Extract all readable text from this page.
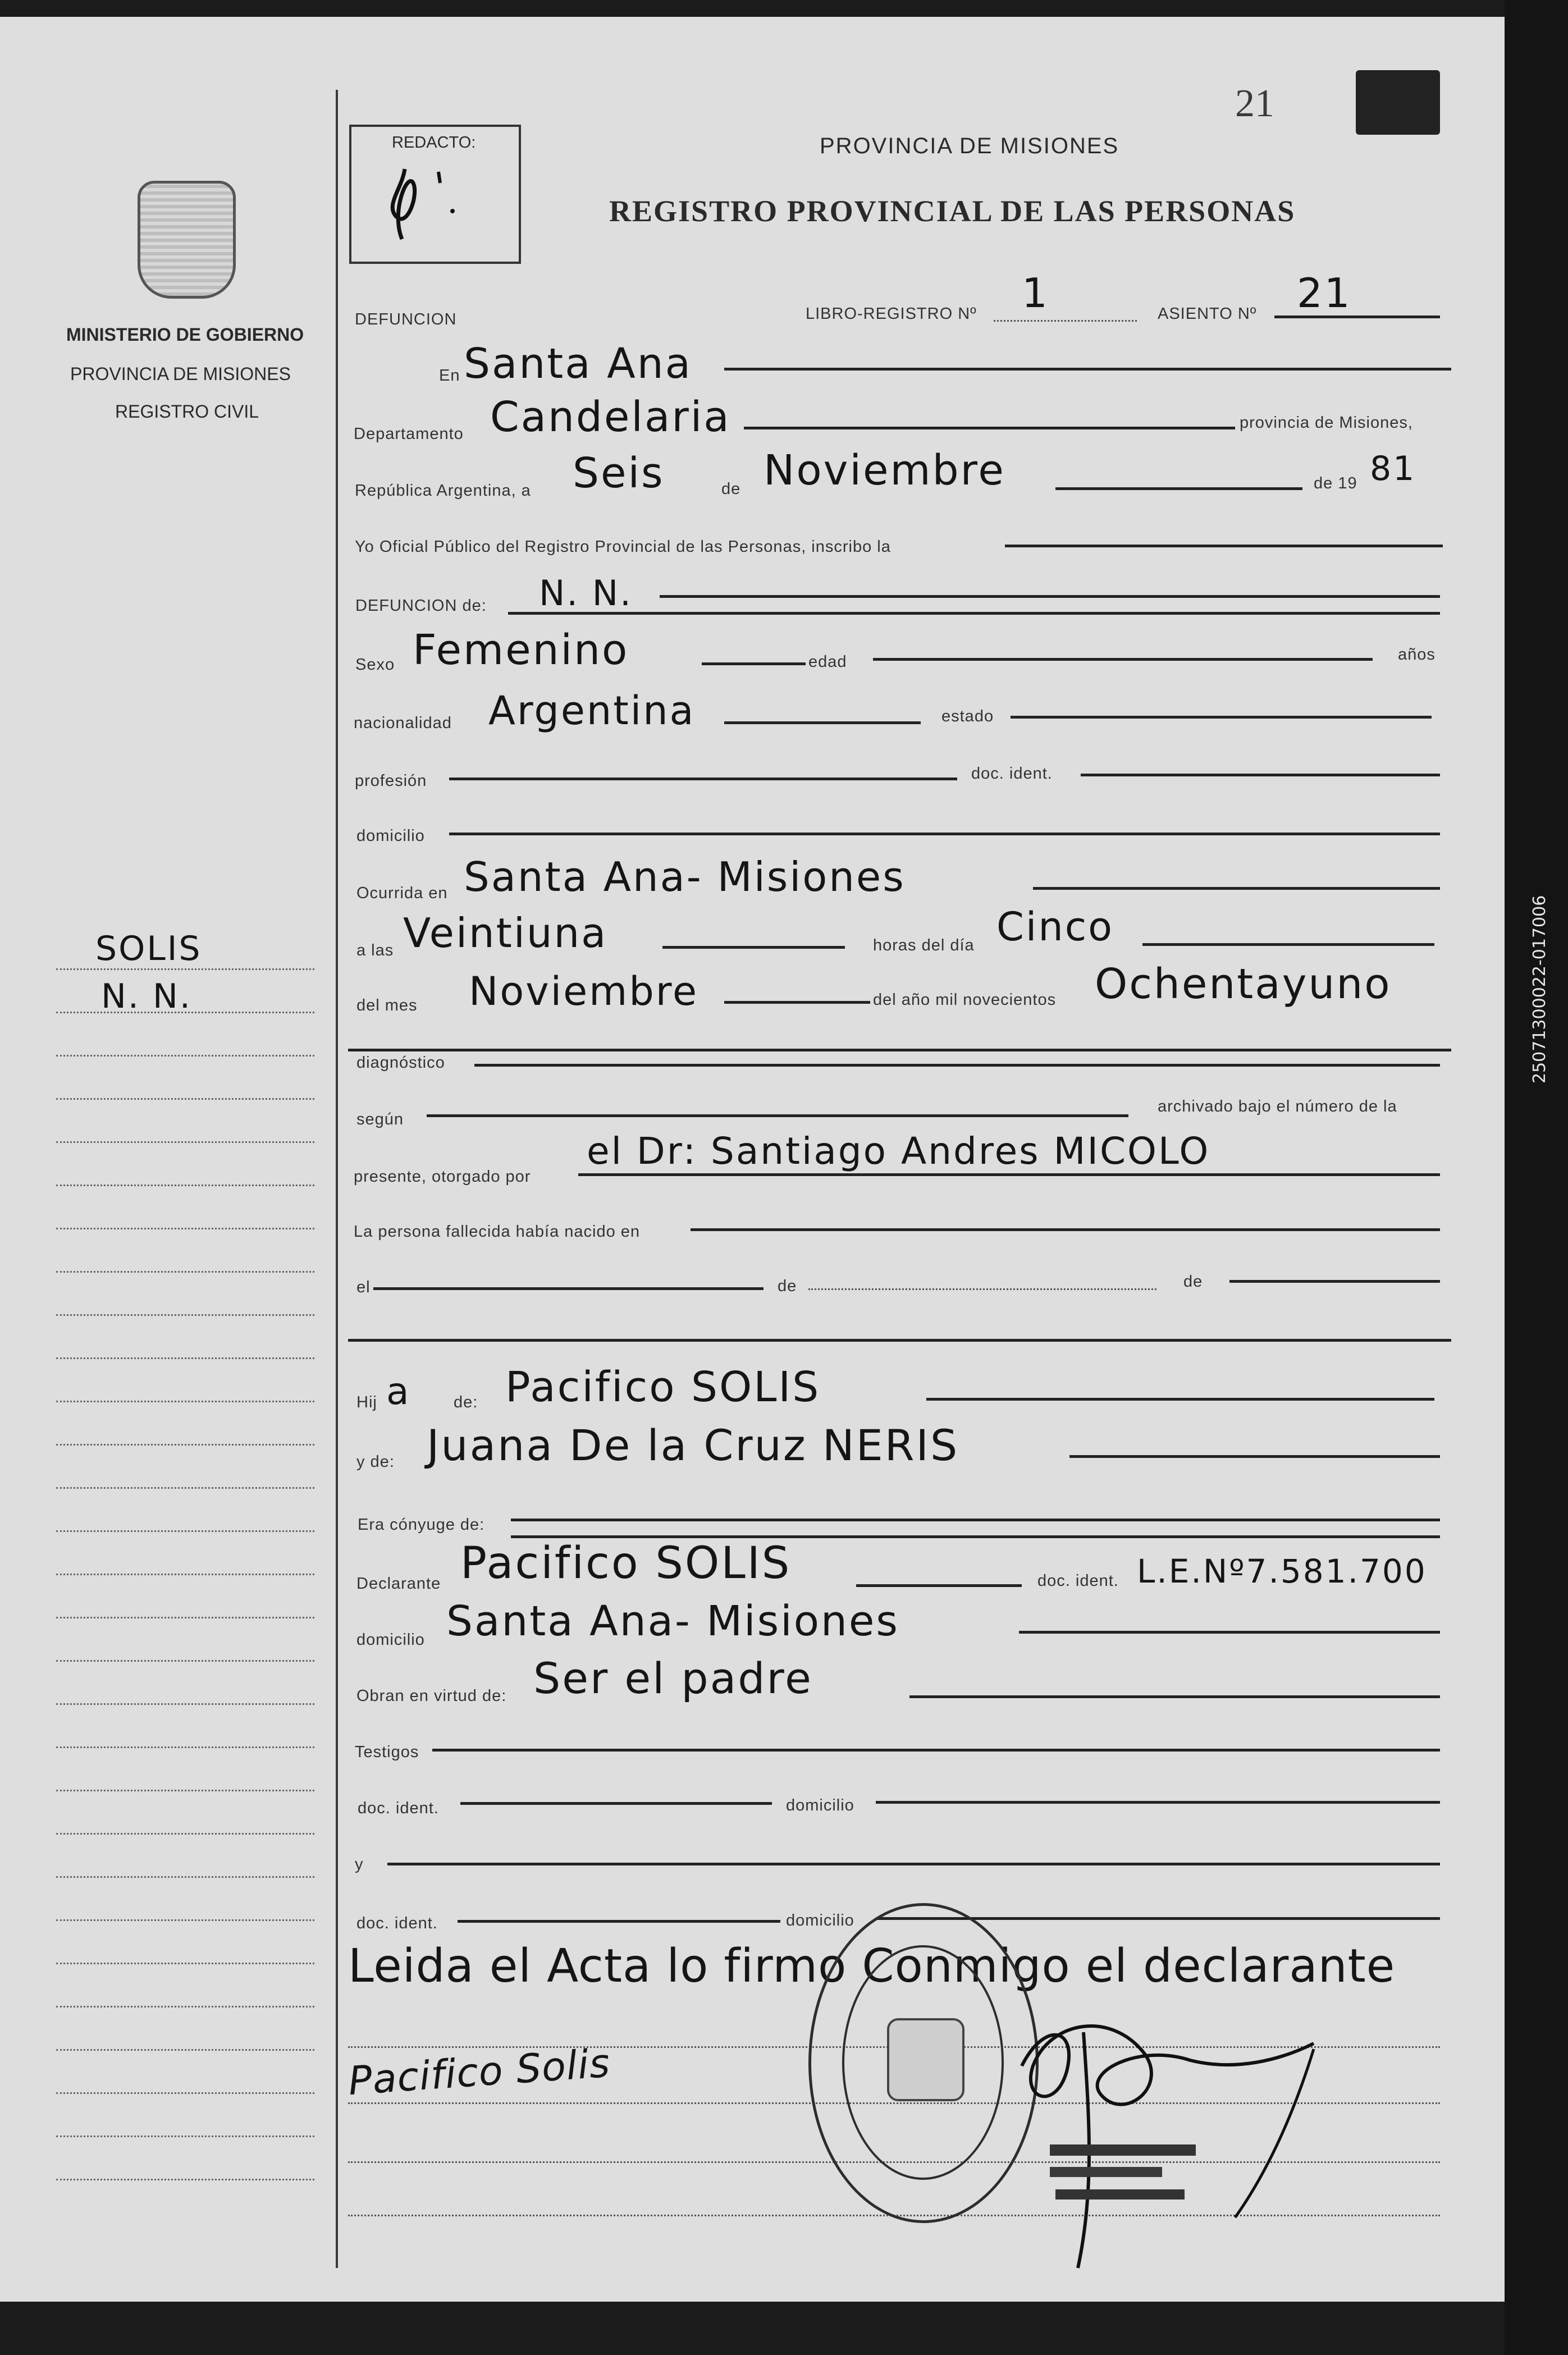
25071300022-017006
21
MINISTERIO DE GOBIERNO
PROVINCIA DE MISIONES
REGISTRO CIVIL
REDACTO:	PROVINCIA DE MISIONES
REGISTRO PROVINCIAL DE LAS PERSONAS
DEFUNCION	LIBRO-REGISTRO Nº 1	ASIENTO Nº 21
En Santa Ana
Departamento Candelaria	provincia de Misiones,
República Argentina, a Seis	de Noviembre	de 19 81
Yo Oficial Público del Registro Provincial de las Personas, inscribo la
DEFUNCION de: N. N.
Sexo Femenino	edad	años
nacionalidad Argentina	estado
profesión	doc. ident.
domicilio
Ocurrida en Santa Ana- Misiones
a las Veintiuna	horas del día Cinco
del mes Noviembre	del año mil novecientos Ochentayuno
diagnóstico
según
archivado bajo el número de la
presente, otorgado por
el Dr: Santiago Andres MICOLO
La persona fallecida había nacido en
el	de	de
Hij a	de: Pacifico SOLIS
y de: Juana De la Cruz NERIS
Era cónyuge de:
Declarante Pacifico SOLIS	doc. ident. L.E.Nº7.581.700
domicilio Santa Ana- Misiones
Obran en virtud de: Ser el padre
Testigos
doc. ident.	domicilio
y
doc. ident.	domicilio
Leida el Acta lo firmo Conmigo el declarante
Pacifico Solis
SOLIS
N. N.
